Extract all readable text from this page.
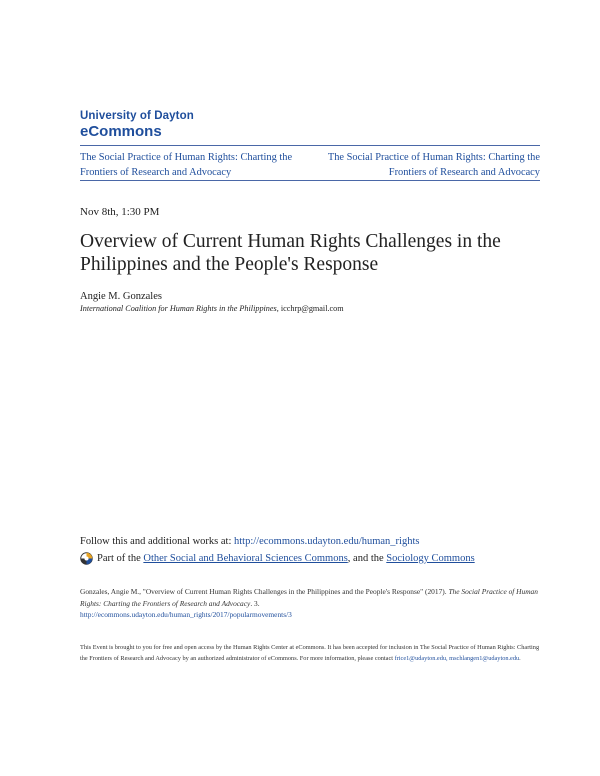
University of Dayton
eCommons
The Social Practice of Human Rights: Charting the Frontiers of Research and Advocacy
The Social Practice of Human Rights: Charting the Frontiers of Research and Advocacy
Nov 8th, 1:30 PM
Overview of Current Human Rights Challenges in the Philippines and the People's Response
Angie M. Gonzales
International Coalition for Human Rights in the Philippines, icchrp@gmail.com
Follow this and additional works at: http://ecommons.udayton.edu/human_rights
Part of the
Other Social and Behavioral Sciences Commons , and the
Sociology Commons
Gonzales, Angie M., "Overview of Current Human Rights Challenges in the Philippines and the People's Response" (2017). The Social Practice of Human Rights: Charting the Frontiers of Research and Advocacy. 3.
http://ecommons.udayton.edu/human_rights/2017/popularmovements/3
This Event is brought to you for free and open access by the Human Rights Center at eCommons. It has been accepted for inclusion in The Social Practice of Human Rights: Charting the Frontiers of Research and Advocacy by an authorized administrator of eCommons. For more information, please contact frice1@udayton.edu, mschlangen1@udayton.edu.
